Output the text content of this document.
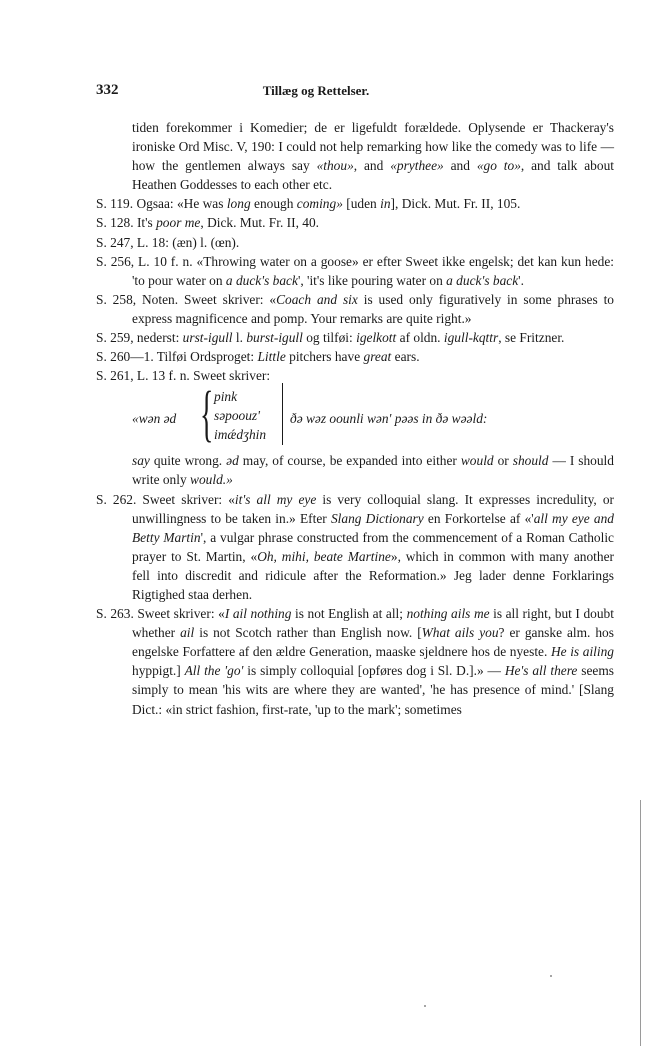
332	Tillæg og Rettelser.

tiden forekommer i Komedier; de er ligefuldt forældede. Oplysende er Thackeray's ironiske Ord Misc. V, 190: I could not help remarking how like the comedy was to life — how the gentlemen always say «thou», and «prythee» and «go to», and talk about Heathen Goddesses to each other etc.

S. 119. Ogsaa: «He was long enough coming» [uden in], Dick. Mut. Fr. II, 105.

S. 128. It's poor me, Dick. Mut. Fr. II, 40.

S. 247, L. 18: (æn) l. (œn).

S. 256, L. 10 f. n. «Throwing water on a goose» er efter Sweet ikke engelsk; det kan kun hede: 'to pour water on a duck's back', 'it's like pouring water on a duck's back'.

S. 258, Noten. Sweet skriver: «Coach and six is used only figuratively in some phrases to express magnificence and pomp. Your remarks are quite right.»

S. 259, nederst: urst-igull l. burst-igull og tilføi: igelkott af oldn. igull-kqttr, se Fritzner.

S. 260—1. Tilføi Ordsproget: Little pitchers have great ears.

S. 261, L. 13 f. n. Sweet skriver:

«wən əd { pink
səpoouz'
imǽdʒhin
ðə wəz oounli wən' pəəs in ðə wəəld:

say quite wrong. əd may, of course, be expanded into either would or should — I should write only would.»

S. 262. Sweet skriver: «it's all my eye is very colloquial slang. It expresses incredulity, or unwillingness to be taken in.» Efter Slang Dictionary en Forkortelse af «'all my eye and Betty Martin', a vulgar phrase constructed from the commencement of a Roman Catholic prayer to St. Martin, «Oh, mihi, beate Martine», which in common with many another fell into discredit and ridicule after the Reformation.» Jeg lader denne Forklarings Rigtighed staa derhen.

S. 263. Sweet skriver: «I ail nothing is not English at all; nothing ails me is all right, but I doubt whether ail is not Scotch rather than English now. [What ails you? er ganske alm. hos engelske Forfattere af den ældre Generation, maaske sjeldnere hos de nyeste. He is ailing hyppigt.] All the 'go' is simply colloquial [opføres dog i Sl. D.].» — He's all there seems simply to mean 'his wits are where they are wanted', 'he has presence of mind.' [Slang Dict.: «in strict fashion, first-rate, 'up to the mark'; sometimes
